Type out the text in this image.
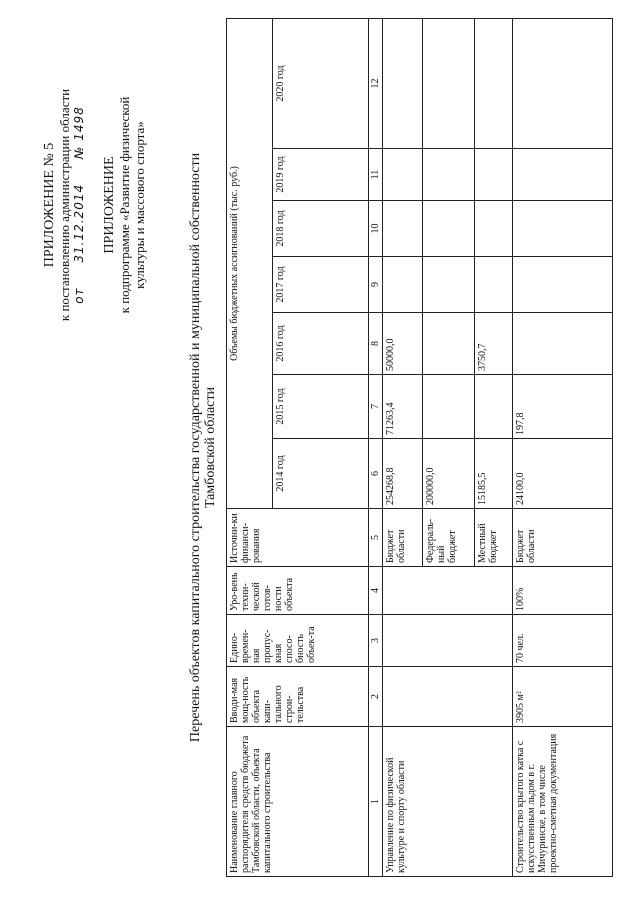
ПРИЛОЖЕНИЕ № 5 к постановлению администрации области от 31.12.2014 № 1498
ПРИЛОЖЕНИЕ к подпрограмме «Развитие физической культуры и массового спорта»	Перечень объектов капитального строительства государственной и муниципальной собственности Тамбовской области
Наименование главного распорядителя средств бюджета Тамбовской области, объекта капитального строительства	Вводи-мая мощ-ность объекта капи-тального строи-тельства	Едино-времен-ная пропус-кная спосо-бность объек-та	Уро-вень техни-ческой готов-ности объекта	Источни-ки финанси-рования	Объемы бюджетных ассигнований (тыс. руб.)						
					2014 год	2015 год	2016 год	2017 год	2018 год	2019 год	2020 год
1	2	3	4	5	6	7	8	9	10	11	12
Управление по физической культуре и спорту области				Бюджет области	254268,8	71263,4	50000,0				
				Федераль-ный бюджет	200000,0						
				Местный бюджет	15185,5		3750,7				
Строительство крытого катка с искусственным льдом в г. Мичуринске, в том числе проектно-сметная документация	3905 м²	70 чел.	100%	Бюджет области	24100,0	197,8					
